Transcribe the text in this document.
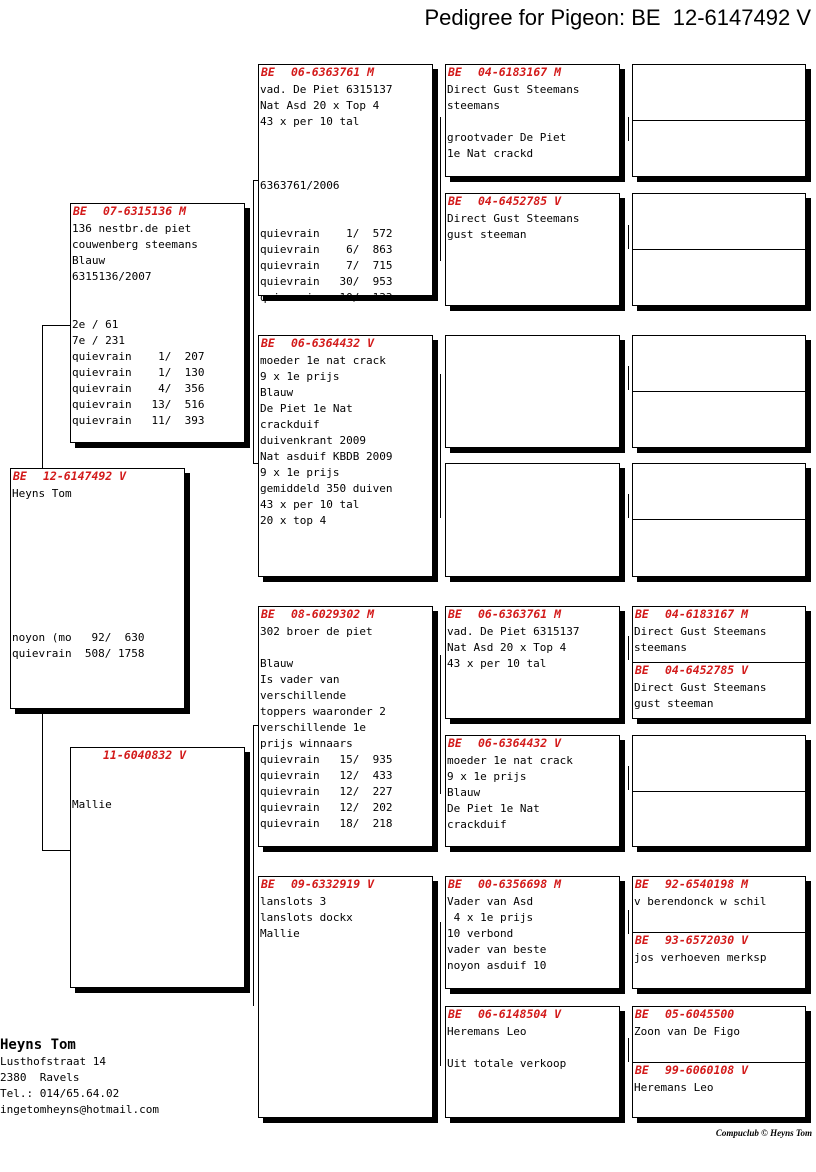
Pedigree for Pigeon: BE  12-6147492 V
BE	12-6147492 V
Heyns Tom

noyon (mo   92/  630
quievrain  508/ 1758
BE	07-6315136 M
136 nestbr.de piet
couwenberg steemans
Blauw
6315136/2007

2e / 61
7e / 231
quievrain    1/  207
quievrain    1/  130
quievrain    4/  356
quievrain   13/  516
quievrain   11/  393
11-6040832 V

Mallie
BE	06-6363761 M
vad. De Piet 6315137
Nat Asd 20 x Top 4
43 x per 10 tal

6363761/2006

quievrain    1/  572
quievrain    6/  863
quievrain    7/  715
quievrain   30/  953
quievrain   10/  133
BE	06-6364432 V
moeder 1e nat crack
9 x 1e prijs
Blauw
De Piet 1e Nat
crackduif
duivenkrant 2009
Nat asduif KBDB 2009
9 x 1e prijs
gemiddeld 350 duiven
43 x per 10 tal
20 x top 4
BE	08-6029302 M
302 broer de piet

Blauw
Is vader van
verschillende
toppers waaronder 2
verschillende 1e
prijs winnaars
quievrain   15/  935
quievrain   12/  433
quievrain   12/  227
quievrain   12/  202
quievrain   18/  218
BE	09-6332919 V
lanslots 3
lanslots dockx
Mallie
BE	04-6183167 M
Direct Gust Steemans
steemans

grootvader De Piet
1e Nat crackd
BE	04-6452785 V
Direct Gust Steemans
gust steeman
BE	06-6363761 M
vad. De Piet 6315137
Nat Asd 20 x Top 4
43 x per 10 tal
BE	06-6364432 V
moeder 1e nat crack
9 x 1e prijs
Blauw
De Piet 1e Nat
crackduif
BE	00-6356698 M
Vader van Asd
4 x 1e prijs
10 verbond
vader van beste
noyon asduif 10
BE	06-6148504 V
Heremans Leo

Uit totale verkoop
BE	04-6183167 M
Direct Gust Steemans
steemans
BE	04-6452785 V
Direct Gust Steemans
gust steeman
BE	92-6540198 M
v berendonck w schil
BE	93-6572030 V
jos verhoeven merksp
BE	05-6045500
Zoon van De Figo
BE	99-6060108 V
Heremans Leo
Heyns Tom
Lusthofstraat 14
2380  Ravels
Tel.: 014/65.64.02
ingetomheyns@hotmail.com
Compuclub © Heyns Tom
